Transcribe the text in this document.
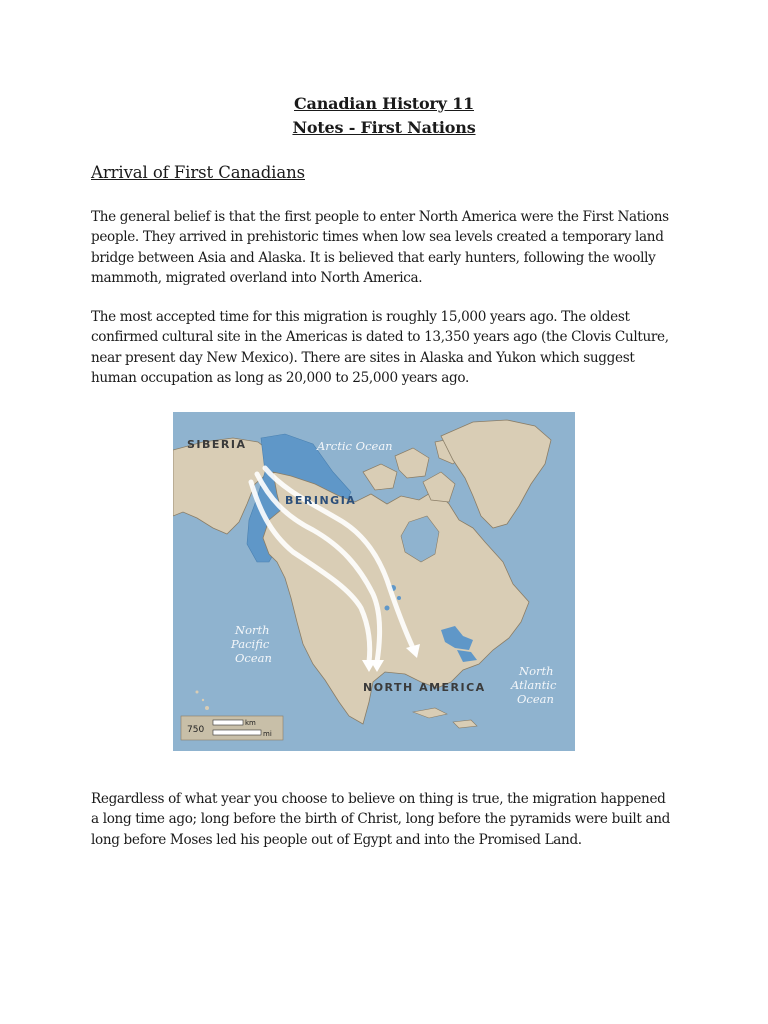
Canadian History 11
Notes - First Nations
Arrival of First Canadians

The general belief is that the first people to enter North America were the First Nations
people. They arrived in prehistoric times when low sea levels created a temporary land
bridge between Asia and Alaska. It is believed that early hunters, following the woolly
mammoth, migrated overland into North America.

The most accepted time for this migration is roughly 15,000 years ago. The oldest
confirmed cultural site in the Americas is dated to 13,350 years ago (the Clovis Culture,
near present day New Mexico). There are sites in Alaska and Yukon which suggest
human occupation as long as 20,000 to 25,000 years ago.

SIBERIA	Arctic Ocean
BERINGIA
North
Pacific
Ocean
NORTH AMERICA
North
Atlantic
Ocean
750
km
mi

Regardless of what year you choose to believe on thing is true, the migration happened
a long time ago; long before the birth of Christ, long before the pyramids were built and
long before Moses led his people out of Egypt and into the Promised Land.
